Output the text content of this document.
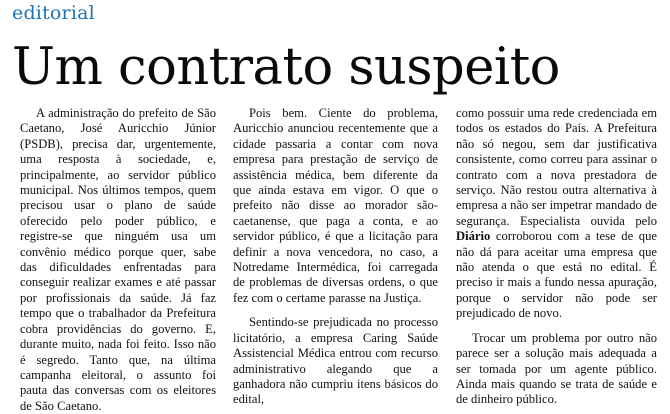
editorial
Um contrato suspeito

A administração do prefeito de São Caetano, José Auricchio Júnior (PSDB), precisa dar, urgentemente, uma resposta à sociedade, e, principalmente, ao servidor público municipal. Nos últimos tempos, quem precisou usar o plano de saúde oferecido pelo poder público, e registre-se que ninguém usa um convênio médico porque quer, sabe das dificuldades enfrentadas para conseguir realizar exames e até passar por profissionais da saúde. Já faz tempo que o trabalhador da Prefeitura cobra providências do governo. E, durante muito, nada foi feito. Isso não é segredo. Tanto que, na última campanha eleitoral, o assunto foi pauta das conversas com os eleitores de São Caetano.

Pois bem. Ciente do problema, Auricchio anunciou recentemente que a cidade passaria a contar com nova empresa para prestação de serviço de assistência médica, bem diferente da que ainda estava em vigor. O que o prefeito não disse ao morador são-caetanense, que paga a conta, e ao servidor público, é que a licitação para definir a nova vencedora, no caso, a Notredame Intermédica, foi carregada de problemas de diversas ordens, o que fez com o certame parasse na Justiça.

Sentindo-se prejudicada no processo licitatório, a empresa Caring Saúde Assistencial Médica entrou com recurso administrativo alegando que a ganhadora não cumpriu itens básicos do edital,

como possuir uma rede credenciada em todos os estados do País. A Prefeitura não só negou, sem dar justificativa consistente, como correu para assinar o contrato com a nova prestadora de serviço. Não restou outra alternativa à empresa a não ser impetrar mandado de segurança. Especialista ouvida pelo Diário corroborou com a tese de que não dá para aceitar uma empresa que não atenda o que está no edital. É preciso ir mais a fundo nessa apuração, porque o servidor não pode ser prejudicado de novo.

Trocar um problema por outro não parece ser a solução mais adequada a ser tomada por um agente público. Ainda mais quando se trata de saúde e de dinheiro público.
